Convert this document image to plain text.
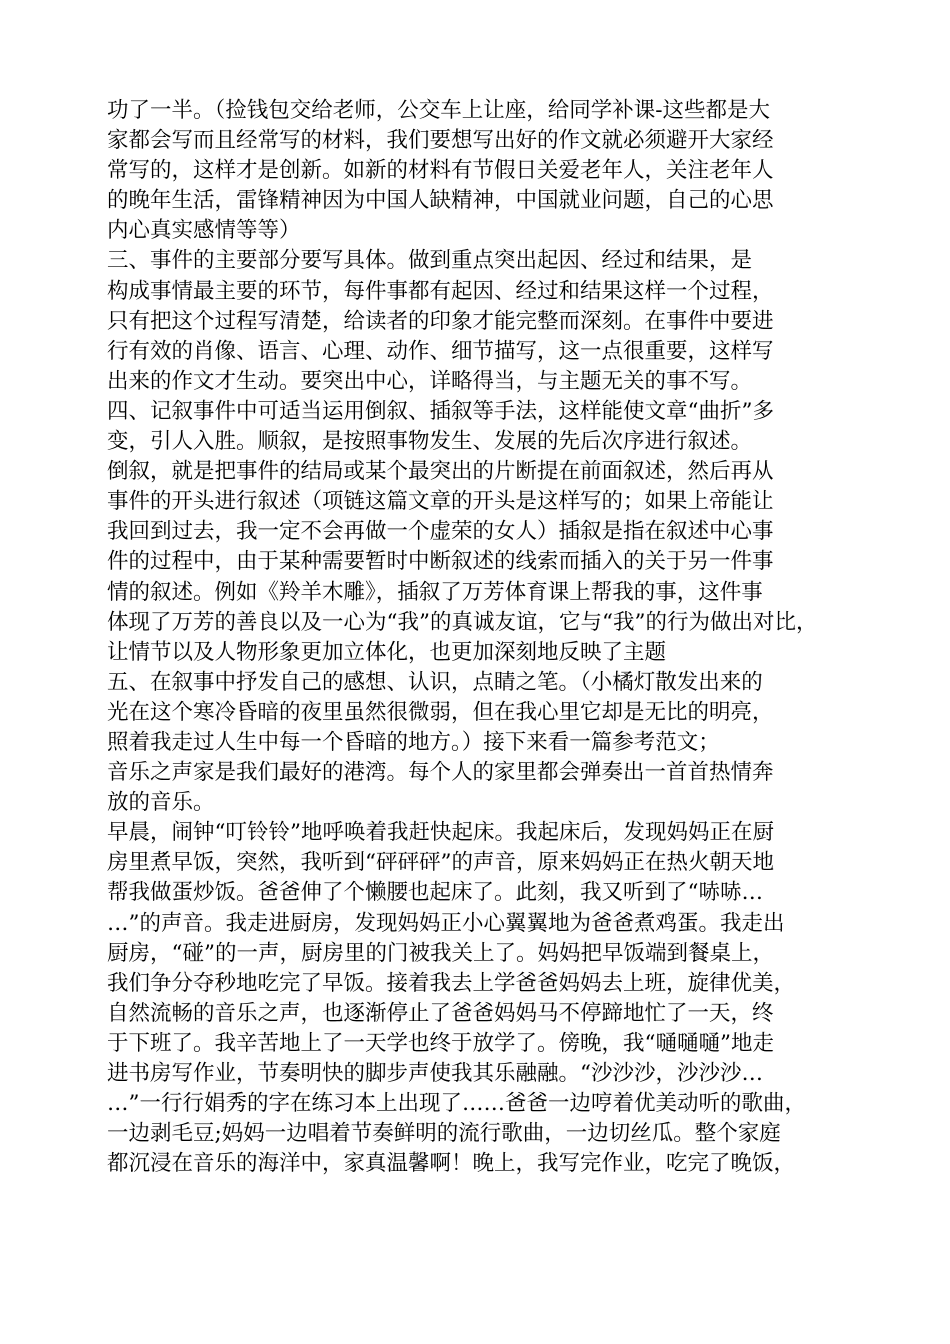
功了一半。（捡钱包交给老师，公交车上让座，给同学补课-这些都是大
家都会写而且经常写的材料，我们要想写出好的作文就必须避开大家经
常写的，这样才是创新。如新的材料有节假日关爱老年人，关注老年人
的晚年生活，雷锋精神因为中国人缺精神，中国就业问题，自己的心思
内心真实感情等等）
三、事件的主要部分要写具体。做到重点突出起因、经过和结果，是
构成事情最主要的环节，每件事都有起因、经过和结果这样一个过程，
只有把这个过程写清楚，给读者的印象才能完整而深刻。在事件中要进
行有效的肖像、语言、心理、动作、细节描写，这一点很重要，这样写
出来的作文才生动。要突出中心，详略得当，与主题无关的事不写。
四、记叙事件中可适当运用倒叙、插叙等手法，这样能使文章“曲折”多
变，引人入胜。顺叙，是按照事物发生、发展的先后次序进行叙述。
倒叙，就是把事件的结局或某个最突出的片断提在前面叙述，然后再从
事件的开头进行叙述（项链这篇文章的开头是这样写的；如果上帝能让
我回到过去，我一定不会再做一个虚荣的女人）插叙是指在叙述中心事
件的过程中，由于某种需要暂时中断叙述的线索而插入的关于另一件事
情的叙述。例如《羚羊木雕》，插叙了万芳体育课上帮我的事，这件事
体现了万芳的善良以及一心为“我”的真诚友谊，它与“我”的行为做出对比，
让情节以及人物形象更加立体化，也更加深刻地反映了主题
五、在叙事中抒发自己的感想、认识，点睛之笔。（小橘灯散发出来的
光在这个寒冷昏暗的夜里虽然很微弱，但在我心里它却是无比的明亮，
照着我走过人生中每一个昏暗的地方。）接下来看一篇参考范文；
音乐之声家是我们最好的港湾。每个人的家里都会弹奏出一首首热情奔
放的音乐。
早晨，闹钟“叮铃铃”地呼唤着我赶快起床。我起床后，发现妈妈正在厨
房里煮早饭，突然，我听到“砰砰砰”的声音，原来妈妈正在热火朝天地
帮我做蛋炒饭。爸爸伸了个懒腰也起床了。此刻，我又听到了“哧哧…
…”的声音。我走进厨房，发现妈妈正小心翼翼地为爸爸煮鸡蛋。我走出
厨房，“碰”的一声，厨房里的门被我关上了。妈妈把早饭端到餐桌上，
我们争分夺秒地吃完了早饭。接着我去上学爸爸妈妈去上班，旋律优美，
自然流畅的音乐之声，也逐渐停止了爸爸妈妈马不停蹄地忙了一天，终
于下班了。我辛苦地上了一天学也终于放学了。傍晚，我“嗵嗵嗵”地走
进书房写作业，节奏明快的脚步声使我其乐融融。“沙沙沙，沙沙沙…
…”一行行娟秀的字在练习本上出现了……爸爸一边哼着优美动听的歌曲，
一边剥毛豆;妈妈一边唱着节奏鲜明的流行歌曲，一边切丝瓜。整个家庭
都沉浸在音乐的海洋中，家真温馨啊！晚上，我写完作业，吃完了晚饭，
